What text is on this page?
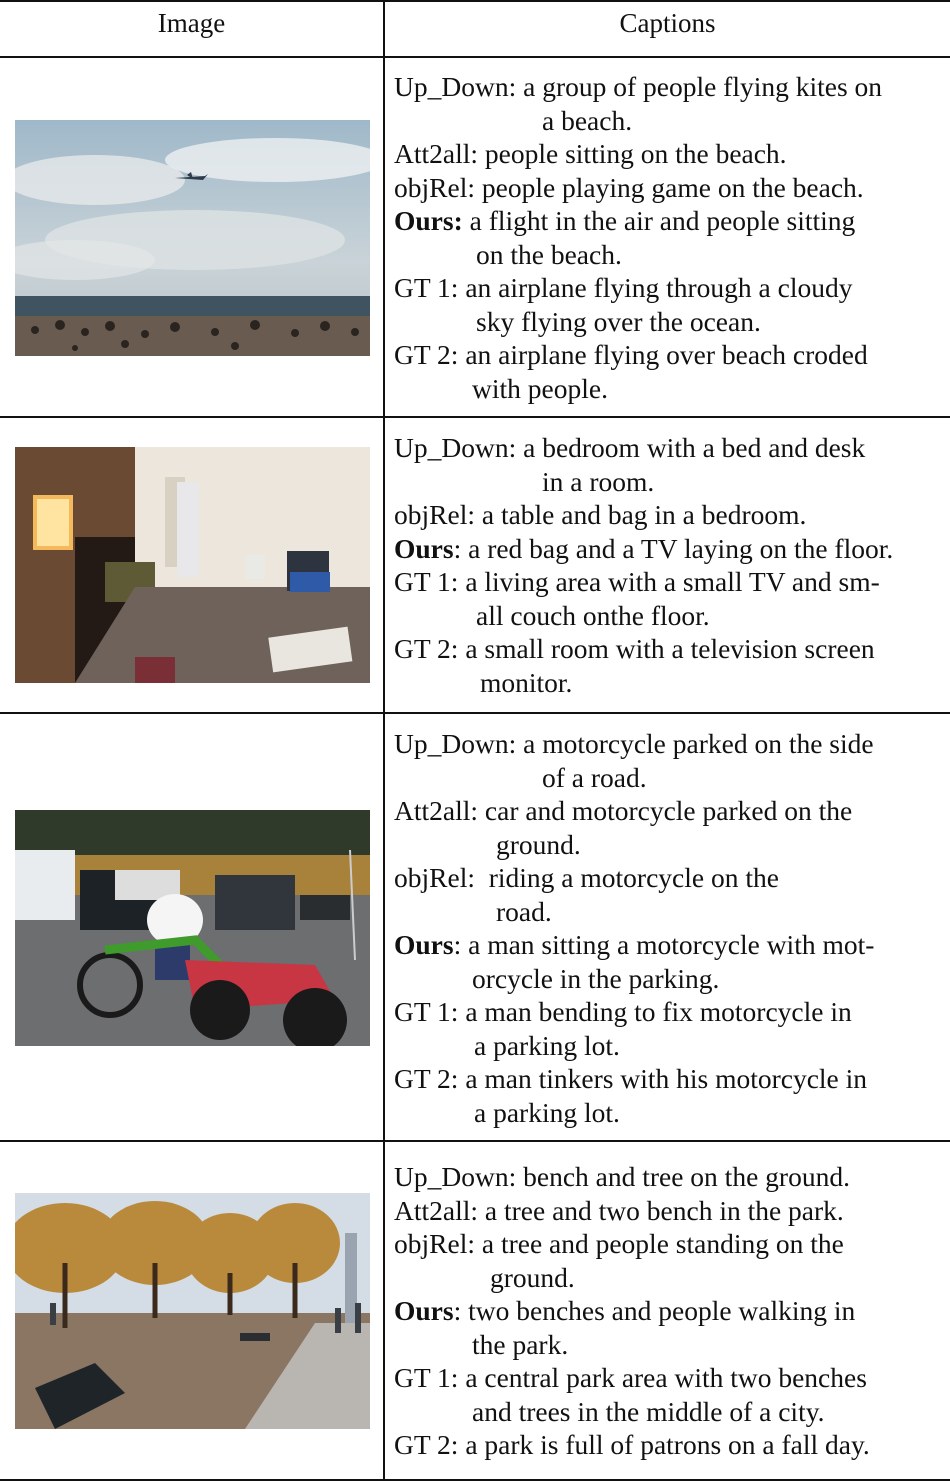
Image	Captions

Up_Down: a group of people flying kites on
a beach.

Att2all: people sitting on the beach.

objRel: people playing game on the beach.

Ours: a flight in the air and people sitting
on the beach.

GT 1: an airplane flying through a cloudy
sky flying over the ocean.

GT 2: an airplane flying over beach croded
with people.

Up_Down: a bedroom with a bed and desk
in a room.

objRel: a table and bag in a bedroom.

Ours: a red bag and a TV laying on the floor.

GT 1: a living area with a small TV and sm-
all couch onthe floor.

GT 2: a small room with a television screen
monitor.

Up_Down: a motorcycle parked on the side
of a road.

Att2all: car and motorcycle parked on the
ground.

objRel:  riding a motorcycle on the
road.

Ours: a man sitting a motorcycle with mot-
orcycle in the parking.

GT 1: a man bending to fix motorcycle in
a parking lot.

GT 2: a man tinkers with his motorcycle in
a parking lot.

Up_Down: bench and tree on the ground.

Att2all: a tree and two bench in the park.

objRel: a tree and people standing on the
ground.

Ours: two benches and people walking in
the park.

GT 1: a central park area with two benches
and trees in the middle of a city.

GT 2: a park is full of patrons on a fall day.
